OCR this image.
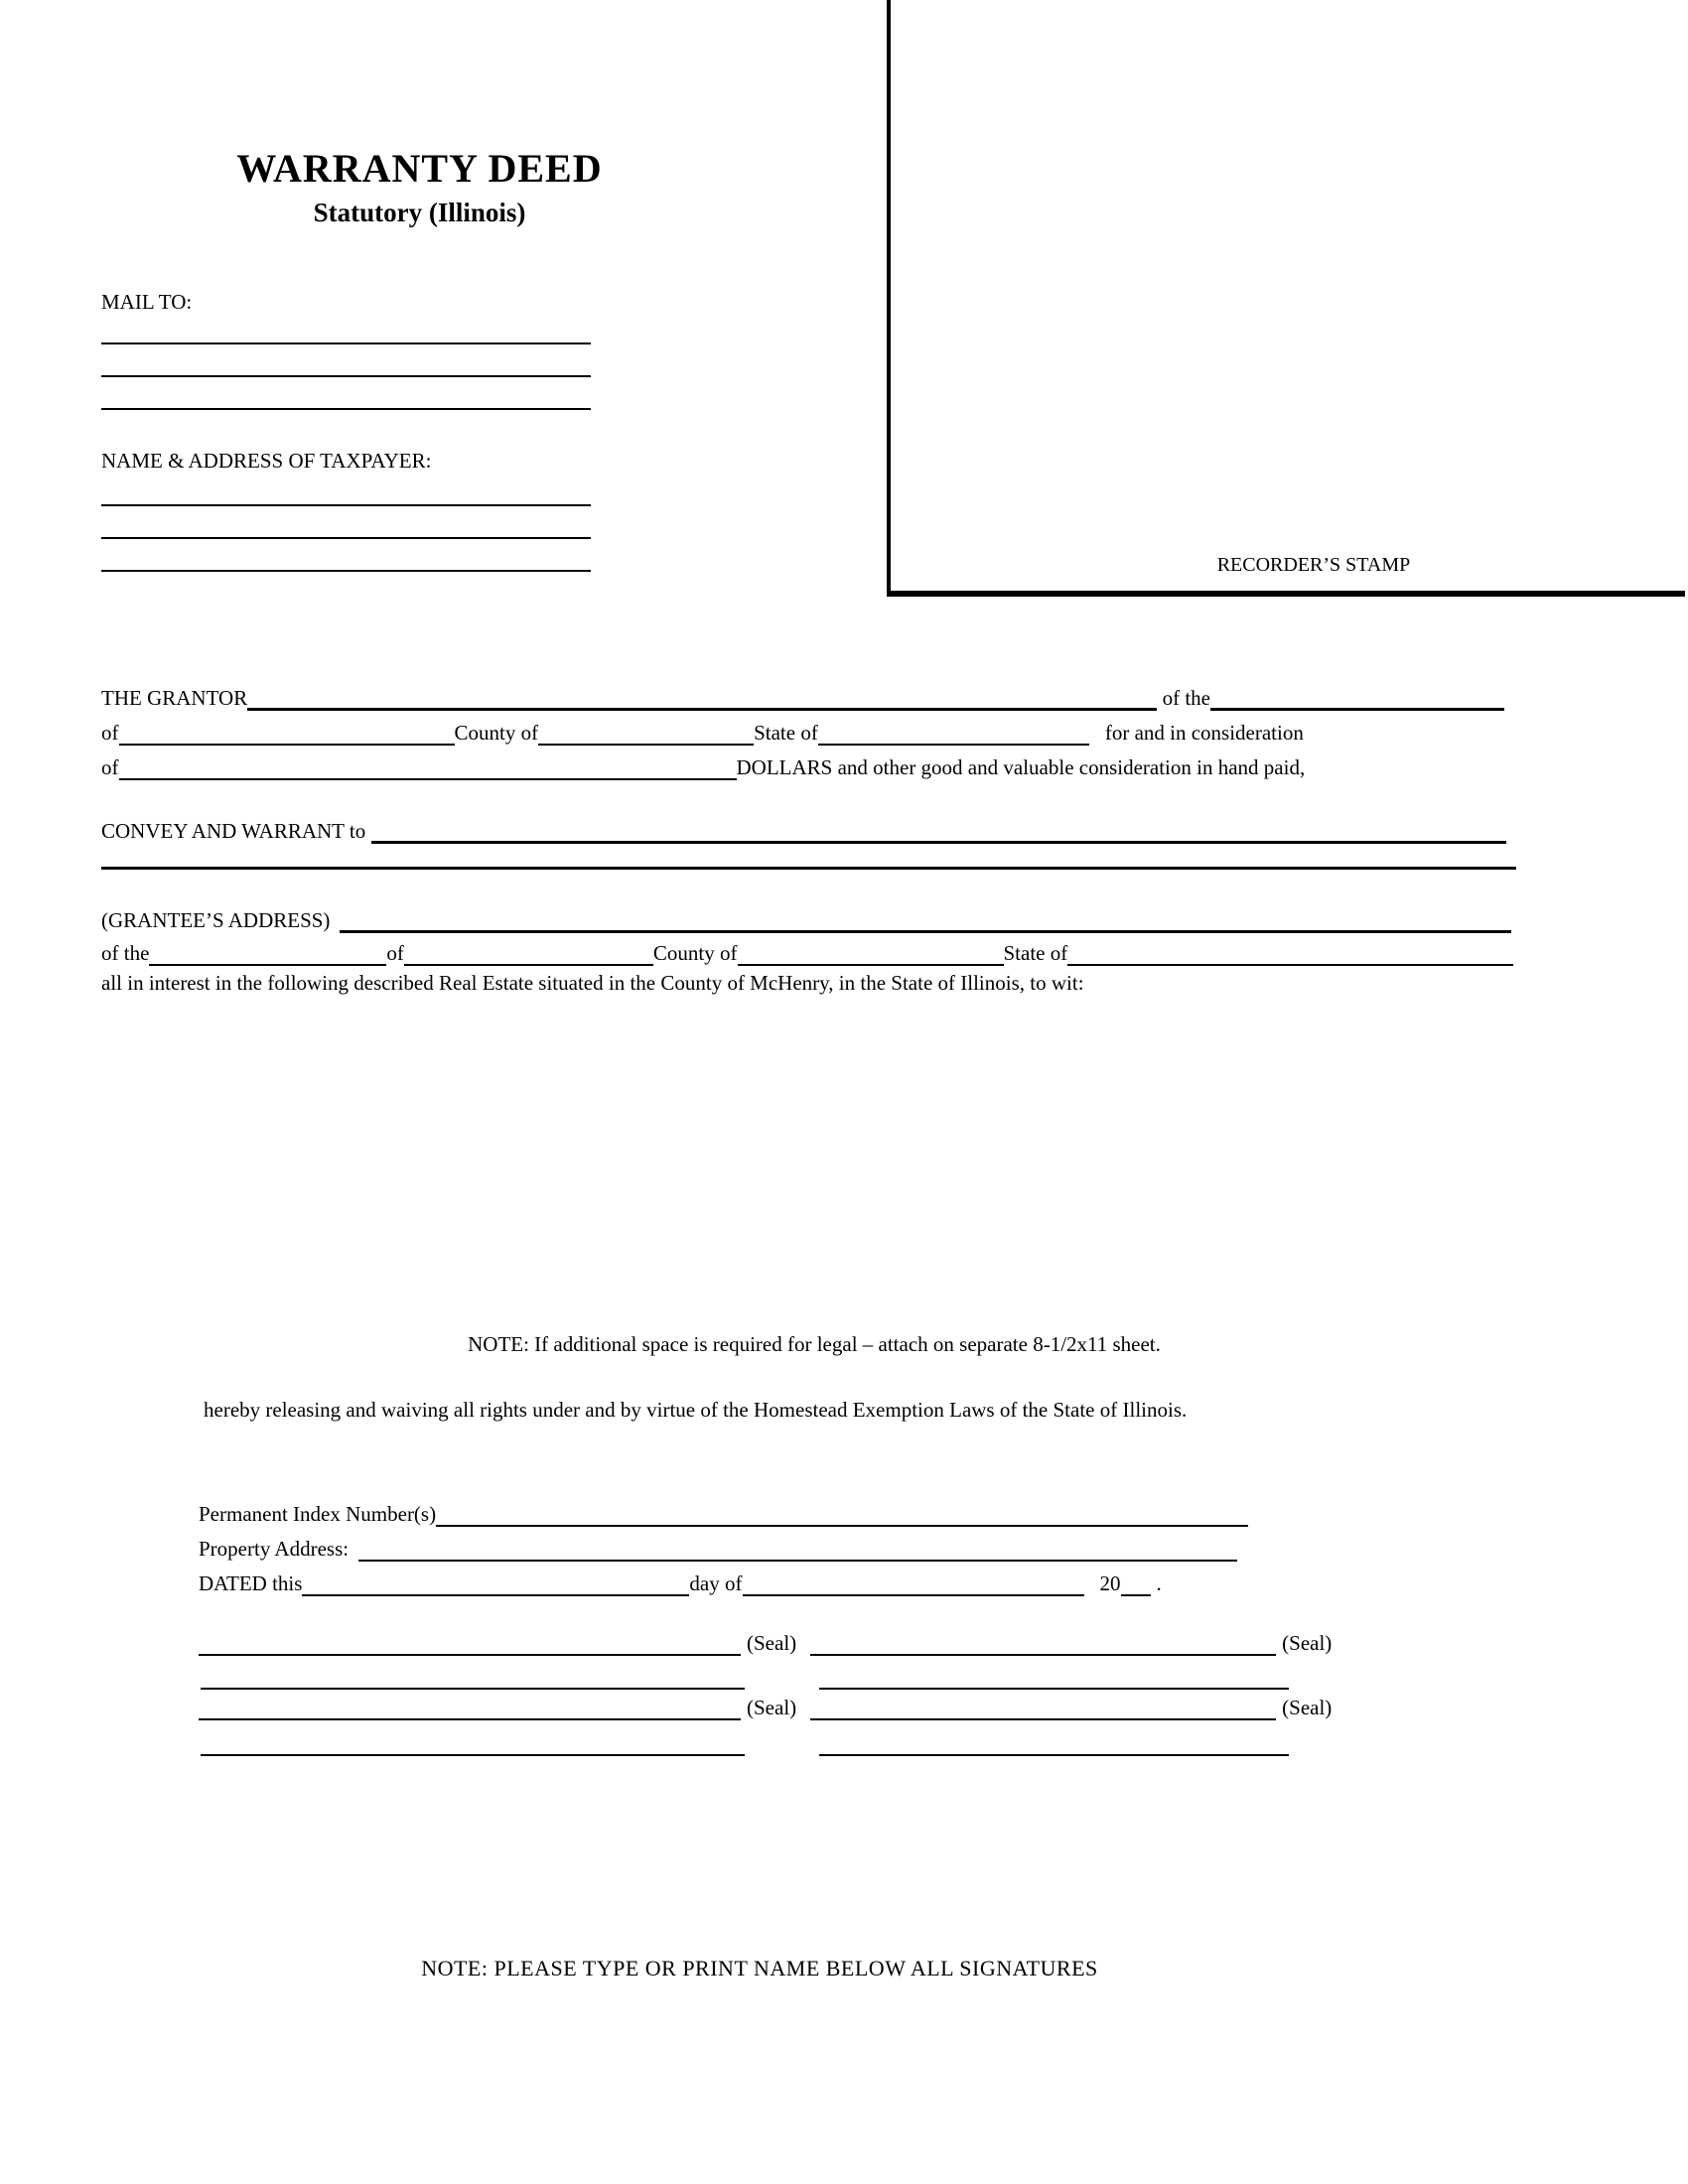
WARRANTY DEED
Statutory (Illinois)
RECORDER’S STAMP
MAIL TO:
NAME & ADDRESS OF TAXPAYER:
THE GRANTOR	of the
of	County of	State of	for and in consideration
of	DOLLARS and other good and valuable consideration in hand paid,
CONVEY AND WARRANT to
(GRANTEE’S ADDRESS)
of the	of	County of	State of
all in interest in the following described Real Estate situated in the County of McHenry, in the State of Illinois, to wit:
NOTE: If additional space is required for legal – attach on separate 8-1/2x11 sheet.
hereby releasing and waiving all rights under and by virtue of the Homestead Exemption Laws of the State of Illinois.
Permanent Index Number(s)
Property Address:
DATED this	day of	20 .
(Seal)	(Seal)
(Seal)	(Seal)
NOTE: PLEASE TYPE OR PRINT NAME BELOW ALL SIGNATURES
